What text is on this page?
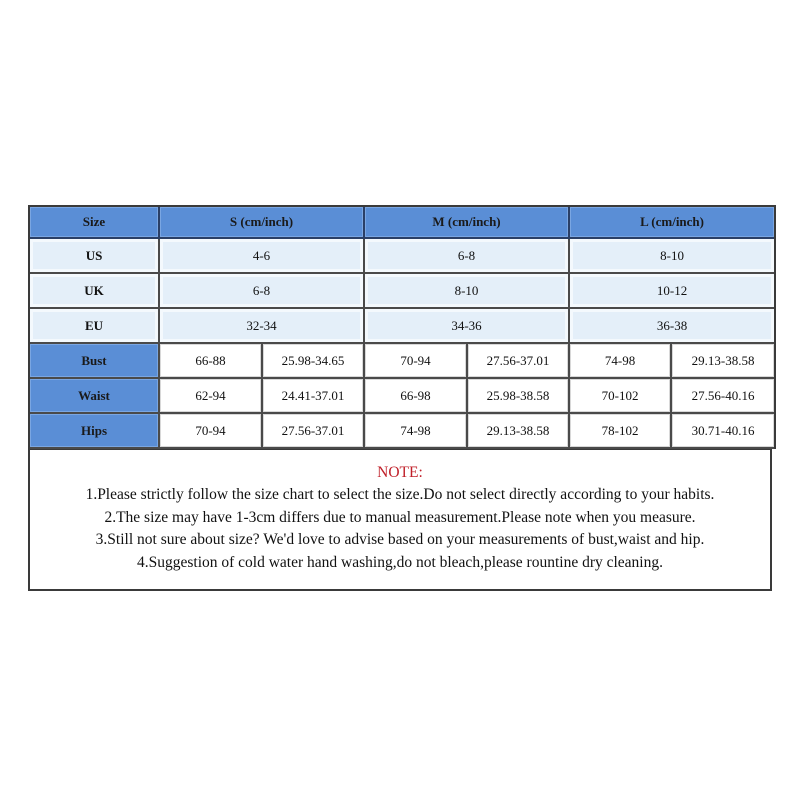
Size	S (cm/inch)		M (cm/inch)		L (cm/inch)	
US	4-6		6-8		8-10	
UK	6-8		8-10		10-12	
EU	32-34		34-36		36-38	
Bust	66-88	25.98-34.65	70-94	27.56-37.01	74-98	29.13-38.58
Waist	62-94	24.41-37.01	66-98	25.98-38.58	70-102	27.56-40.16
Hips	70-94	27.56-37.01	74-98	29.13-38.58	78-102	30.71-40.16
NOTE:
1.Please strictly follow the size chart to select the size.Do not select directly according to your habits.
2.The size may have 1-3cm differs due to manual measurement.Please note when you measure.
3.Still not sure about size? We'd love to advise based on your measurements of bust,waist and hip.
4.Suggestion of cold water hand washing,do not bleach,please rountine dry cleaning.
